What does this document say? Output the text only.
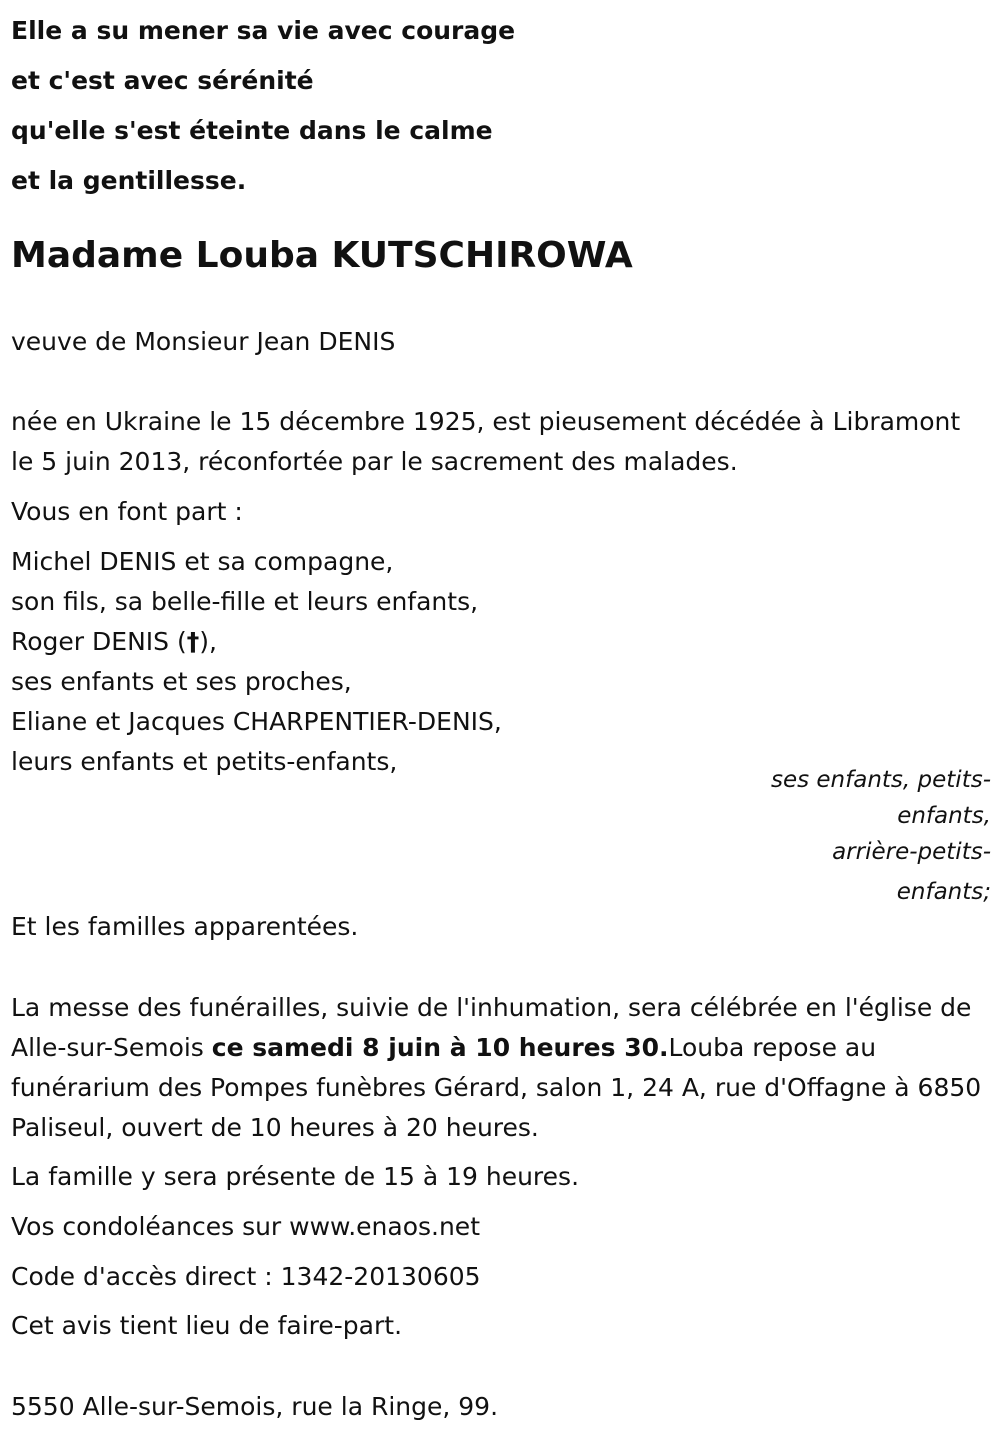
Elle a su mener sa vie avec courage
et c'est avec sérénité
qu'elle s'est éteinte dans le calme
et la gentillesse.
Madame Louba KUTSCHIROWA
veuve de Monsieur Jean DENIS
née en Ukraine le 15 décembre 1925, est pieusement décédée à Libramont le 5 juin 2013, réconfortée par le sacrement des malades.
Vous en font part :
Michel DENIS et sa compagne,
son fils, sa belle-fille et leurs enfants,
Roger DENIS (†),
ses enfants et ses proches,
Eliane et Jacques CHARPENTIER-DENIS,
leurs enfants et petits-enfants,
ses enfants, petits-
enfants,
arrière-petits-
enfants;
Et les familles apparentées.
La messe des funérailles, suivie de l'inhumation, sera célébrée en l'église de Alle-sur-Semois ce samedi 8 juin à 10 heures 30.Louba repose au funérarium des Pompes funèbres Gérard, salon 1, 24 A, rue d'Offagne à 6850 Paliseul, ouvert de 10 heures à 20 heures.
La famille y sera présente de 15 à 19 heures.
Vos condoléances sur www.enaos.net
Code d'accès direct : 1342-20130605
Cet avis tient lieu de faire-part.
5550 Alle-sur-Semois, rue la Ringe, 99.
